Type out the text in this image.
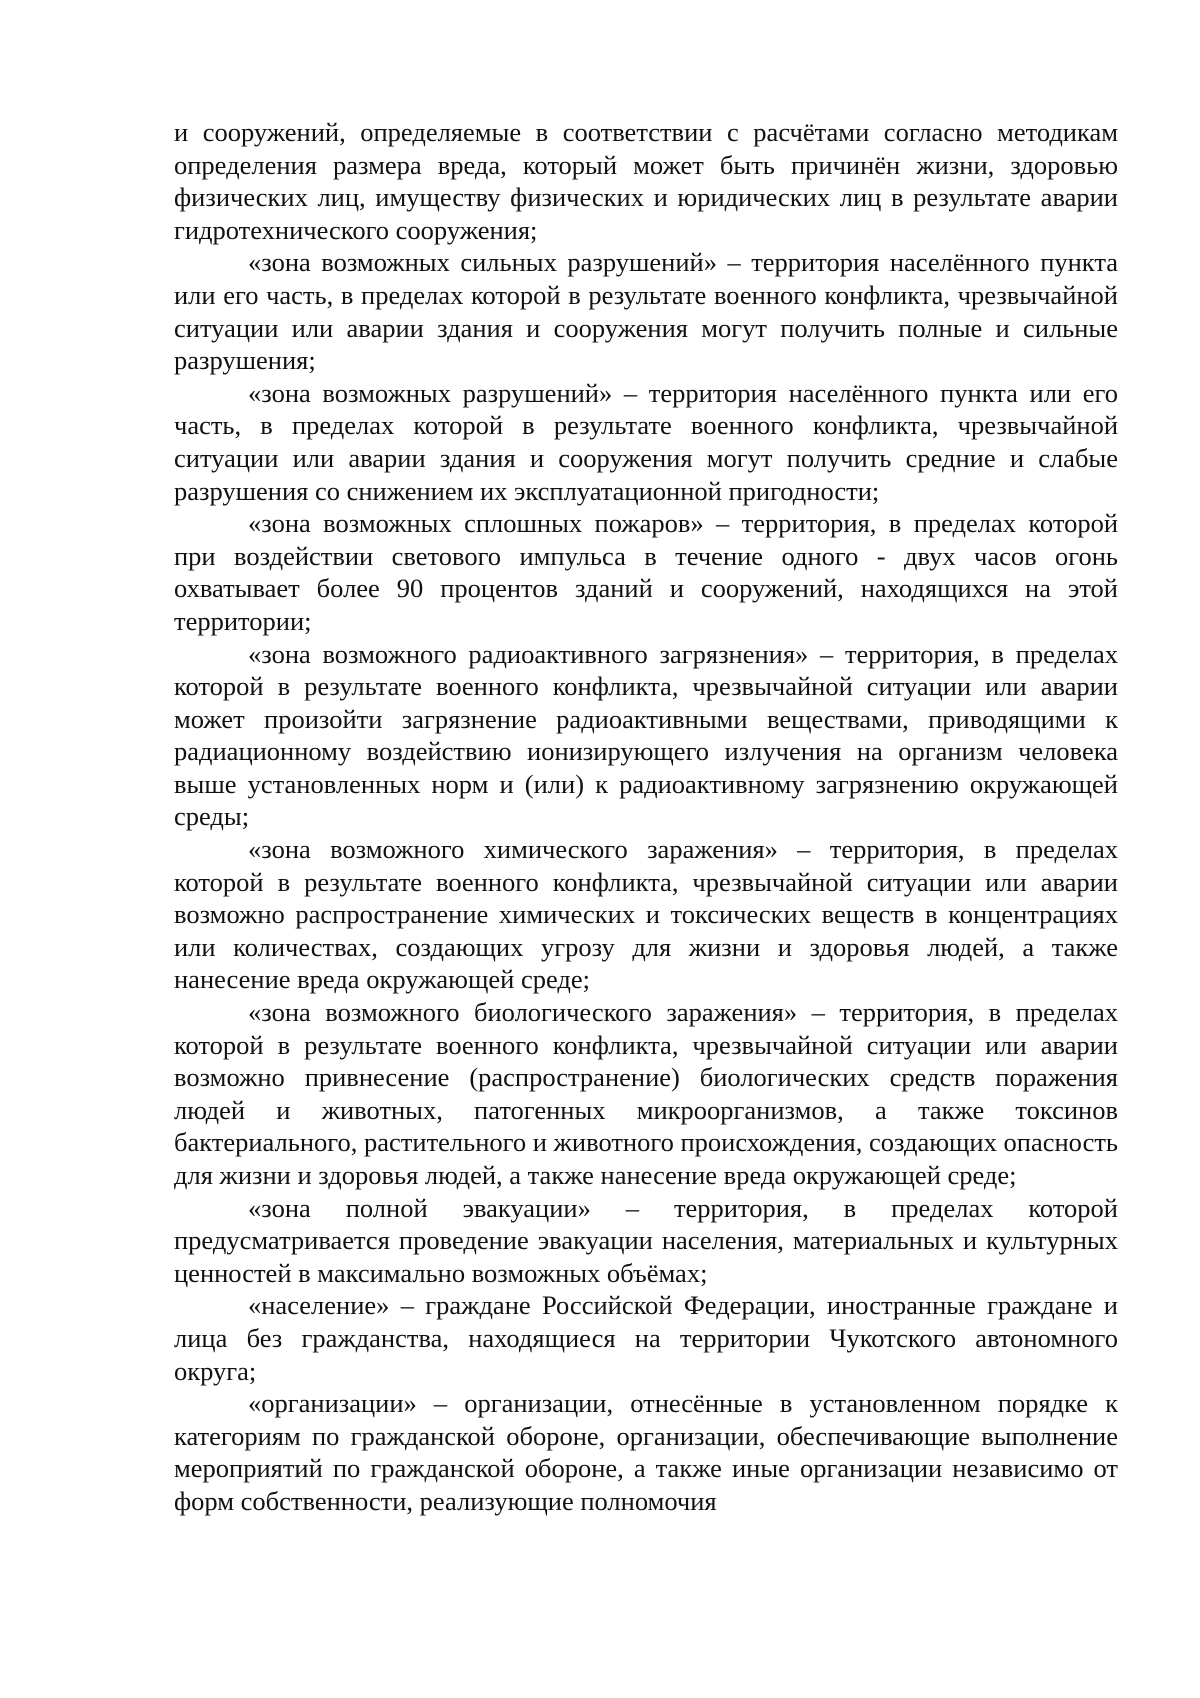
и сооружений, определяемые в соответствии с расчётами согласно методикам определения размера вреда, который может быть причинён жизни, здоровью физических лиц, имуществу физических и юридических лиц в результате аварии гидротехнического сооружения;

«зона возможных сильных разрушений» – территория населённого пункта или его часть, в пределах которой в результате военного конфликта, чрезвычайной ситуации или аварии здания и сооружения могут получить полные и сильные разрушения;

«зона возможных разрушений» – территория населённого пункта или его часть, в пределах которой в результате военного конфликта, чрезвычайной ситуации или аварии здания и сооружения могут получить средние и слабые разрушения со снижением их эксплуатационной пригодности;

«зона возможных сплошных пожаров» – территория, в пределах которой при воздействии светового импульса в течение одного - двух часов огонь охватывает более 90 процентов зданий и сооружений, находящихся на этой территории;

«зона возможного радиоактивного загрязнения» – территория, в пределах которой в результате военного конфликта, чрезвычайной ситуации или аварии может произойти загрязнение радиоактивными веществами, приводящими к радиационному воздействию ионизирующего излучения на организм человека выше установленных норм и (или) к радиоактивному загрязнению окружающей среды;

«зона возможного химического заражения» – территория, в пределах которой в результате военного конфликта, чрезвычайной ситуации или аварии возможно распространение химических и токсических веществ в концентрациях или количествах, создающих угрозу для жизни и здоровья людей, а также нанесение вреда окружающей среде;

«зона возможного биологического заражения» – территория, в пределах которой в результате военного конфликта, чрезвычайной ситуации или аварии возможно привнесение (распространение) биологических средств поражения людей и животных, патогенных микроорганизмов, а также токсинов бактериального, растительного и животного происхождения, создающих опасность для жизни и здоровья людей, а также нанесение вреда окружающей среде;

«зона полной эвакуации» – территория, в пределах которой предусматривается проведение эвакуации населения, материальных и культурных ценностей в максимально возможных объёмах;

«население» – граждане Российской Федерации, иностранные граждане и лица без гражданства, находящиеся на территории Чукотского автономного округа;

«организации» – организации, отнесённые в установленном порядке к категориям по гражданской обороне, организации, обеспечивающие выполнение мероприятий по гражданской обороне, а также иные организации независимо от форм собственности, реализующие полномочия
